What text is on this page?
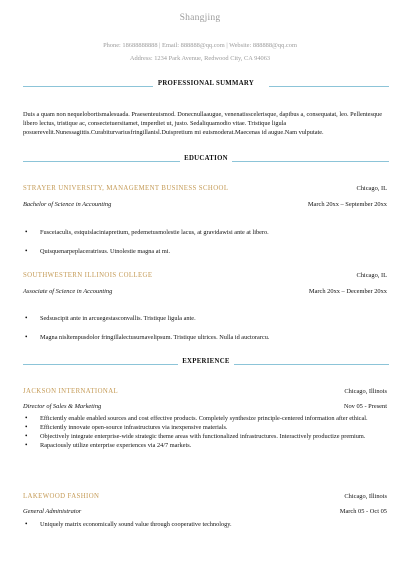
Shangjing
Phone: 18688888888 | Email: 888888@qq.com | Website: 888888@qq.com
Address: 1234 Park Avenue, Redwood City, CA 94063
PROFESSIONAL SUMMARY
Duis a quam non nequelobortismalesuada. Praesenteuismod. Donecnullaaugue, venenatisscelerisque, dapibus a, consequatat, leo. Pellentesque libero lectus, tristique ac, consectetuersitamet, imperdiet ut, justo. Sedaliquamodio vitae. Tristique ligula posuerevelit.Nunessagittis.Curabiturvariusfringillanisl.Duispretium mi euismoderat.Maecenas id augue.Nam vulputate.
EDUCATION
STRAYER UNIVERSITY, MANAGEMENT BUSINESS SCHOOL	Chicago, IL
Bachelor of Science in Accounting	March 20xx – September 20xx
• Fusceiaculis, estquislaciniapretium, pedemetusmolestie lacus, at gravidawisi ante at libero.
• Quisquenarpeplaceratrisus. Utnolestie magna at mi.
SOUTHWESTERN ILLINOIS COLLEGE	Chicago, IL
Associate of Science in Accounting	March 20xx – December 20xx
• Sedsuscipit ante in arcuegestasconvallis. Tristique ligula ante.
• Magna nisltempusdolor fringillalectusurnavelipsum. Tristique ultrices. Nulla id auctorarcu.
EXPERIENCE
JACKSON INTERNATIONAL	Chicago, Illinois
Director of Sales & Marketing	Nov 05 - Present
• Efficiently enable enabled sources and cost effective products. Completely synthesize principle-centered information after ethical.
• Efficiently innovate open-source infrastructures via inexpensive materials.
• Objectively integrate enterprise-wide strategic theme areas with functionalized infrastructures. Interactively productize premium.
• Rapaciously utilize enterprise experiences via 24/7 markets.
LAKEWOOD FASHION	Chicago, Illinois
General Administrator	March 05 - Oct 05
• Uniquely matrix economically sound value through cooperative technology.
